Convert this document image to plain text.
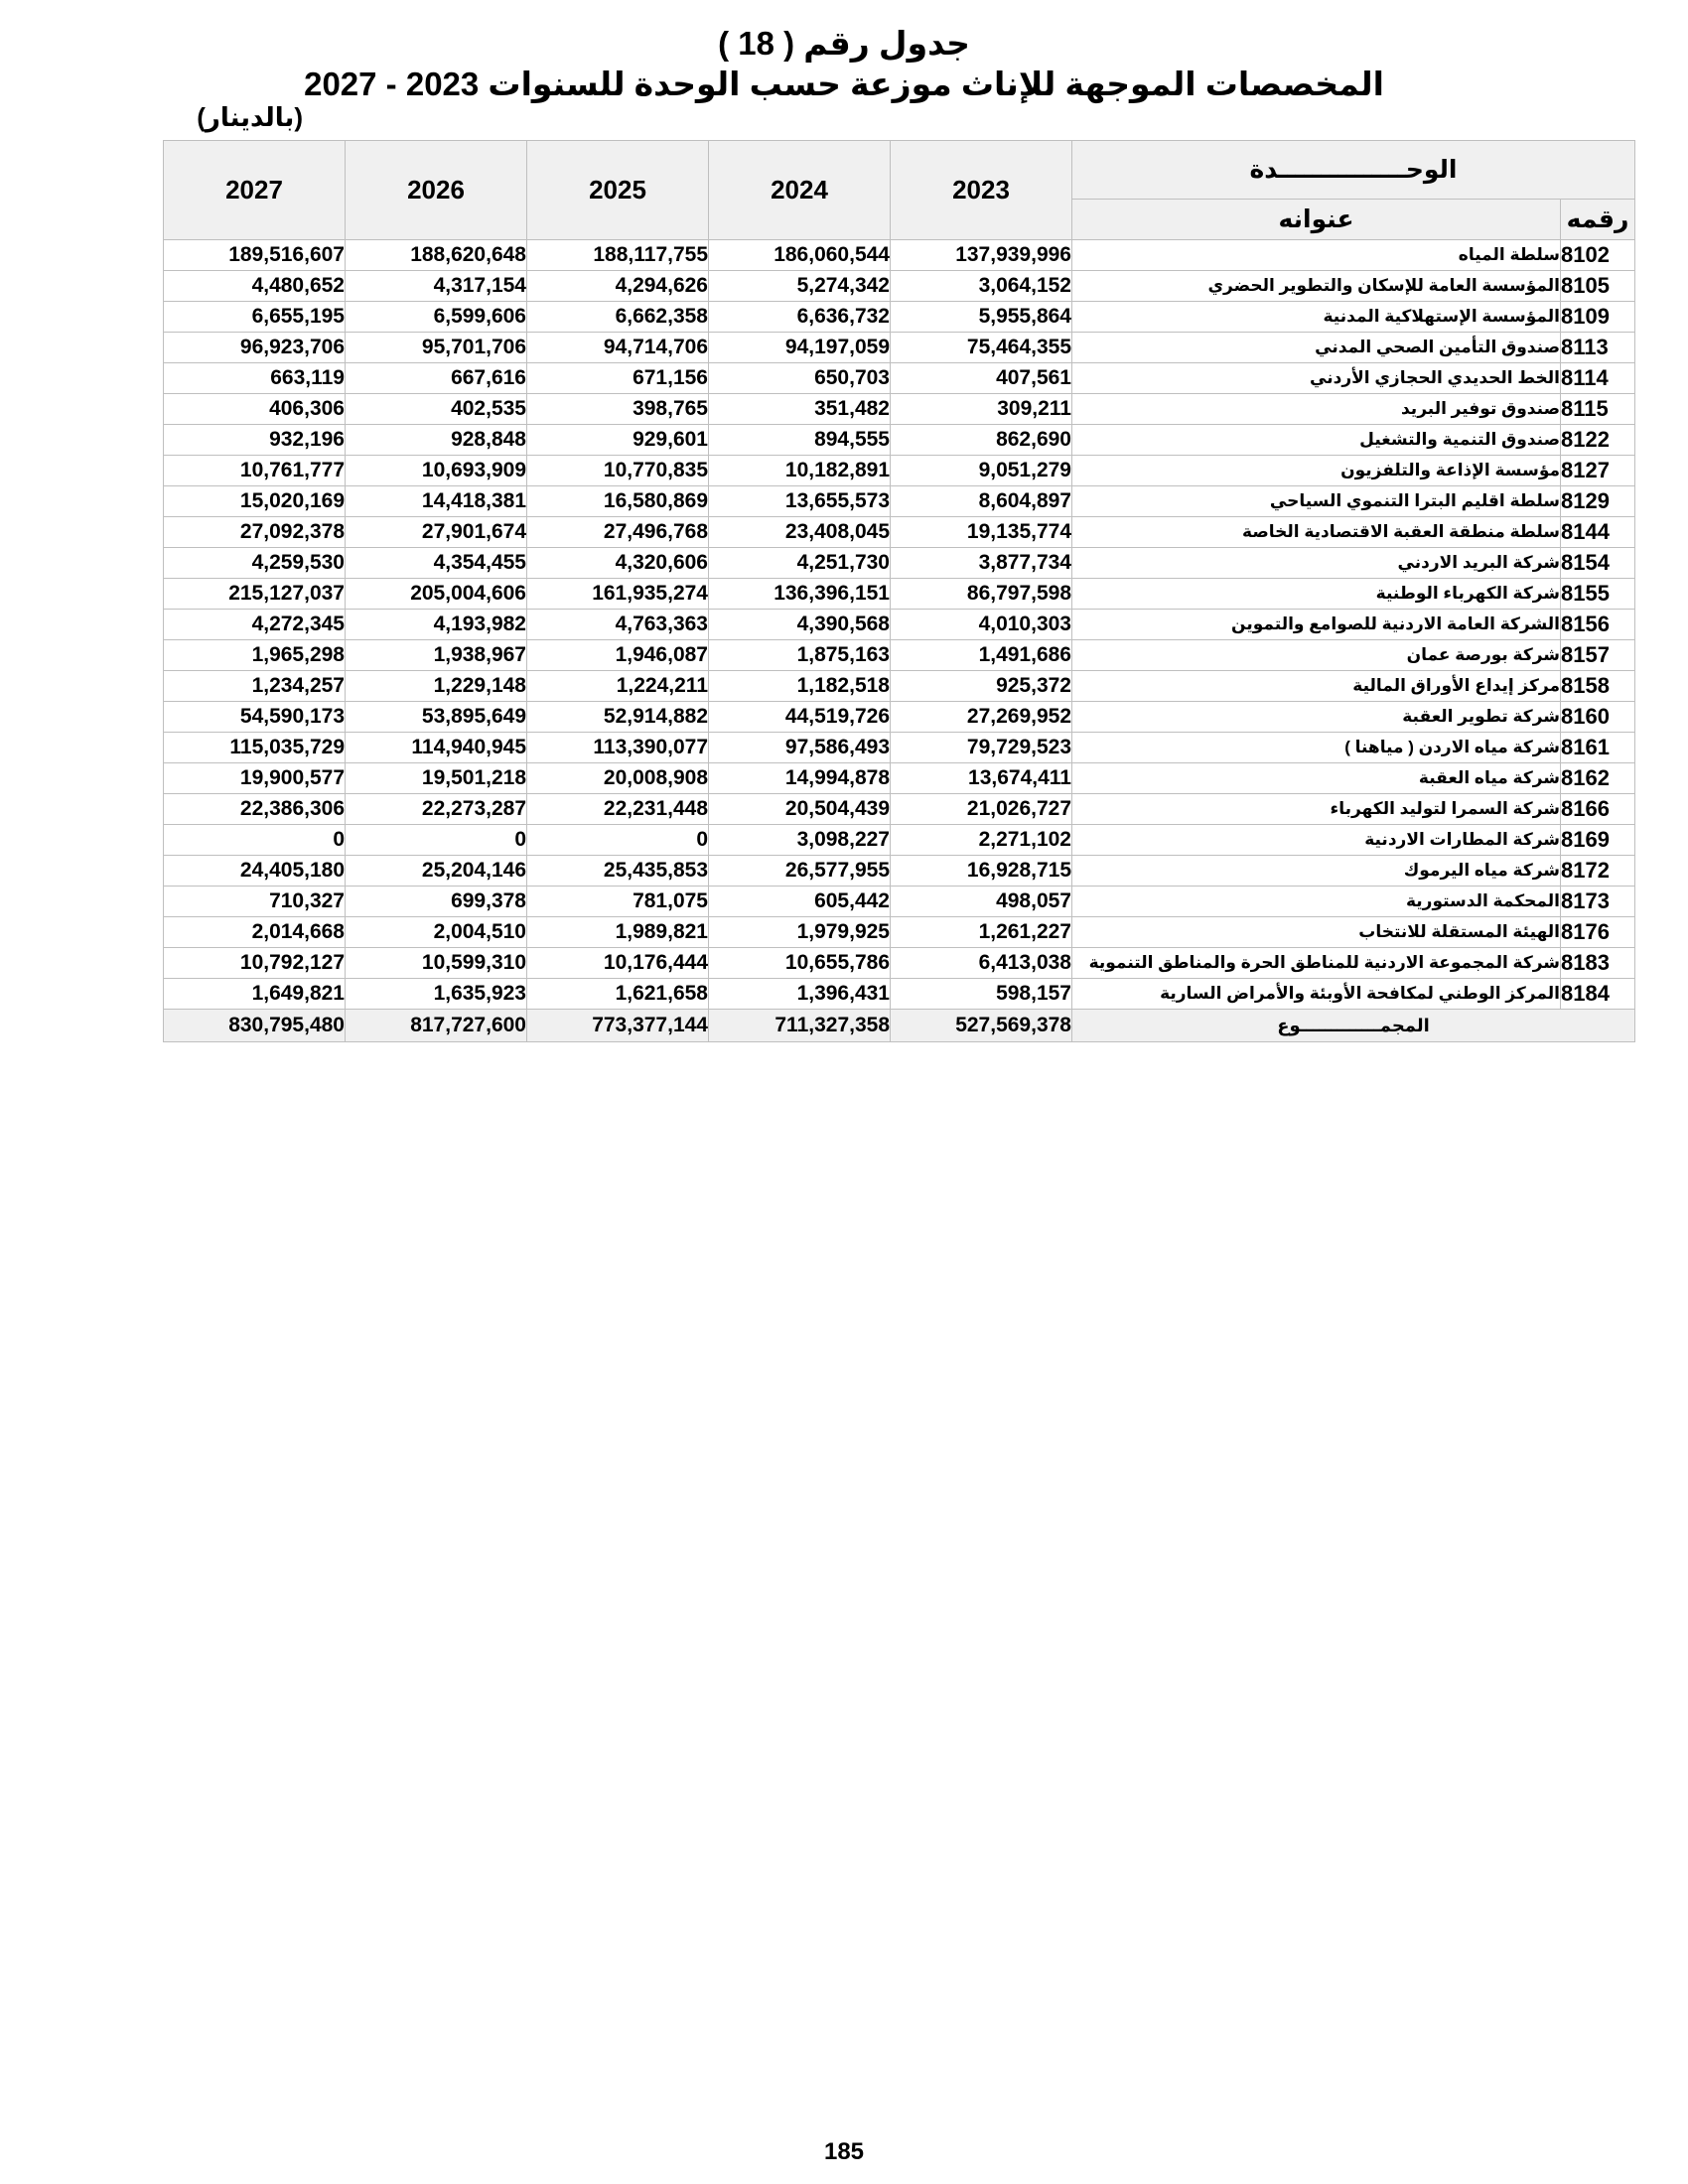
جدول رقم ( 18 )
المخصصات الموجهة للإناث موزعة حسب الوحدة للسنوات 2023 - 2027
(بالدينار)
2027	2026	2025	2024	2023	الوحـــــــــــــــدة	
					عنوانه	رقمه
189,516,607	188,620,648	188,117,755	186,060,544	137,939,996	سلطة المياه	8102
4,480,652	4,317,154	4,294,626	5,274,342	3,064,152	المؤسسة العامة للإسكان والتطوير الحضري	8105
6,655,195	6,599,606	6,662,358	6,636,732	5,955,864	المؤسسة الإستهلاكية المدنية	8109
96,923,706	95,701,706	94,714,706	94,197,059	75,464,355	صندوق التأمين الصحي المدني	8113
663,119	667,616	671,156	650,703	407,561	الخط الحديدي الحجازي الأردني	8114
406,306	402,535	398,765	351,482	309,211	صندوق توفير البريد	8115
932,196	928,848	929,601	894,555	862,690	صندوق التنمية والتشغيل	8122
10,761,777	10,693,909	10,770,835	10,182,891	9,051,279	مؤسسة الإذاعة والتلفزيون	8127
15,020,169	14,418,381	16,580,869	13,655,573	8,604,897	سلطة اقليم البترا التنموي السياحي	8129
27,092,378	27,901,674	27,496,768	23,408,045	19,135,774	سلطة منطقة العقبة الاقتصادية الخاصة	8144
4,259,530	4,354,455	4,320,606	4,251,730	3,877,734	شركة البريد الاردني	8154
215,127,037	205,004,606	161,935,274	136,396,151	86,797,598	شركة الكهرباء الوطنية	8155
4,272,345	4,193,982	4,763,363	4,390,568	4,010,303	الشركة العامة الاردنية للصوامع والتموين	8156
1,965,298	1,938,967	1,946,087	1,875,163	1,491,686	شركة بورصة عمان	8157
1,234,257	1,229,148	1,224,211	1,182,518	925,372	مركز إيداع الأوراق المالية	8158
54,590,173	53,895,649	52,914,882	44,519,726	27,269,952	شركة تطوير العقبة	8160
115,035,729	114,940,945	113,390,077	97,586,493	79,729,523	شركة مياه الاردن ( مياهنا )	8161
19,900,577	19,501,218	20,008,908	14,994,878	13,674,411	شركة مياه العقبة	8162
22,386,306	22,273,287	22,231,448	20,504,439	21,026,727	شركة السمرا لتوليد الكهرباء	8166
0	0	0	3,098,227	2,271,102	شركة المطارات الاردنية	8169
24,405,180	25,204,146	25,435,853	26,577,955	16,928,715	شركة مياه اليرموك	8172
710,327	699,378	781,075	605,442	498,057	المحكمة الدستورية	8173
2,014,668	2,004,510	1,989,821	1,979,925	1,261,227	الهيئة المستقلة للانتخاب	8176
10,792,127	10,599,310	10,176,444	10,655,786	6,413,038	شركة المجموعة الاردنية للمناطق الحرة والمناطق التنموية	8183
1,649,821	1,635,923	1,621,658	1,396,431	598,157	المركز الوطني لمكافحة الأوبئة والأمراض السارية	8184
830,795,480	817,727,600	773,377,144	711,327,358	527,569,378	المجمـــــــــــــوع	
185
